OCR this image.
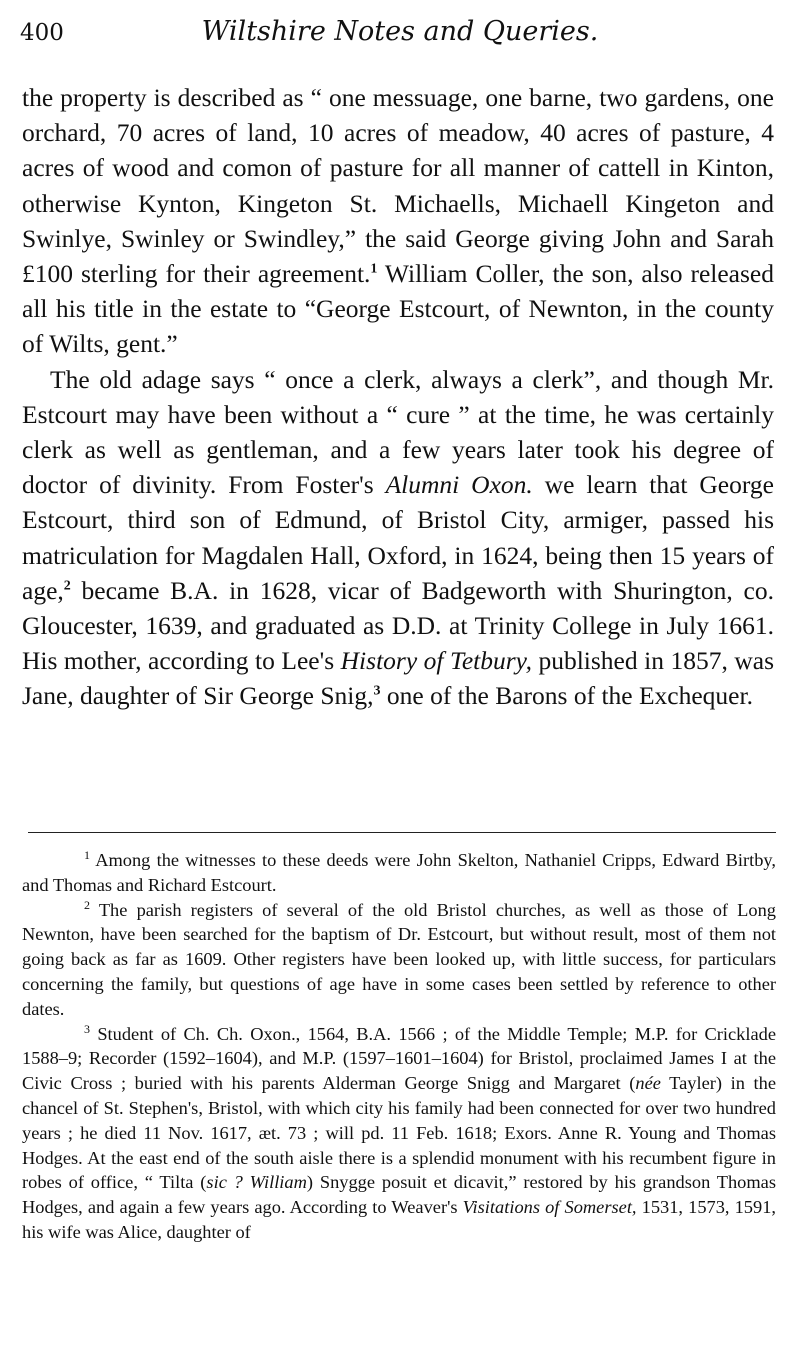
400	Wiltshire Notes and Queries.

the property is described as “ one messuage, one barne, two gardens, one orchard, 70 acres of land, 10 acres of meadow, 40 acres of pasture, 4 acres of wood and comon of pasture for all manner of cattell in Kinton, otherwise Kynton, Kingeton St. Michaells, Michaell Kingeton and Swinlye, Swinley or Swindley,” the said George giving John and Sarah £100 sterling for their agreement.$^1$ William Coller, the son, also released all his title in the estate to “George Estcourt, of Newnton, in the county of Wilts, gent.”

The old adage says “ once a clerk, always a clerk”, and though Mr. Estcourt may have been without a “ cure ” at the time, he was certainly clerk as well as gentleman, and a few years later took his degree of doctor of divinity. From Foster's Alumni Oxon. we learn that George Estcourt, third son of Edmund, of Bristol City, armiger, passed his matriculation for Magdalen Hall, Oxford, in 1624, being then 15 years of age,$^2$ became B.A. in 1628, vicar of Badgeworth with Shurington, co. Gloucester, 1639, and graduated as D.D. at Trinity College in July 1661. His mother, according to Lee's History of Tetbury, published in 1857, was Jane, daughter of Sir George Snig,$^3$ one of the Barons of the Exchequer.

$^1$ Among the witnesses to these deeds were John Skelton, Nathaniel Cripps, Edward Birtby, and Thomas and Richard Estcourt.

$^2$ The parish registers of several of the old Bristol churches, as well as those of Long Newnton, have been searched for the baptism of Dr. Estcourt, but without result, most of them not going back as far as 1609. Other registers have been looked up, with little success, for particulars concerning the family, but questions of age have in some cases been settled by reference to other dates.

$^3$ Student of Ch. Ch. Oxon., 1564, B.A. 1566 ; of the Middle Temple; M.P. for Cricklade 1588–9; Recorder (1592–1604), and M.P. (1597–1601–1604) for Bristol, proclaimed James I at the Civic Cross ; buried with his parents Alderman George Snigg and Margaret (née Tayler) in the chancel of St. Stephen's, Bristol, with which city his family had been connected for over two hundred years ; he died 11 Nov. 1617, æt. 73 ; will pd. 11 Feb. 1618; Exors. Anne R. Young and Thomas Hodges. At the east end of the south aisle there is a splendid monument with his recumbent figure in robes of office, “ Tilta (sic ? William) Snygge posuit et dicavit,” restored by his grandson Thomas Hodges, and again a few years ago. According to Weaver's Visitations of Somerset, 1531, 1573, 1591, his wife was Alice, daughter of
